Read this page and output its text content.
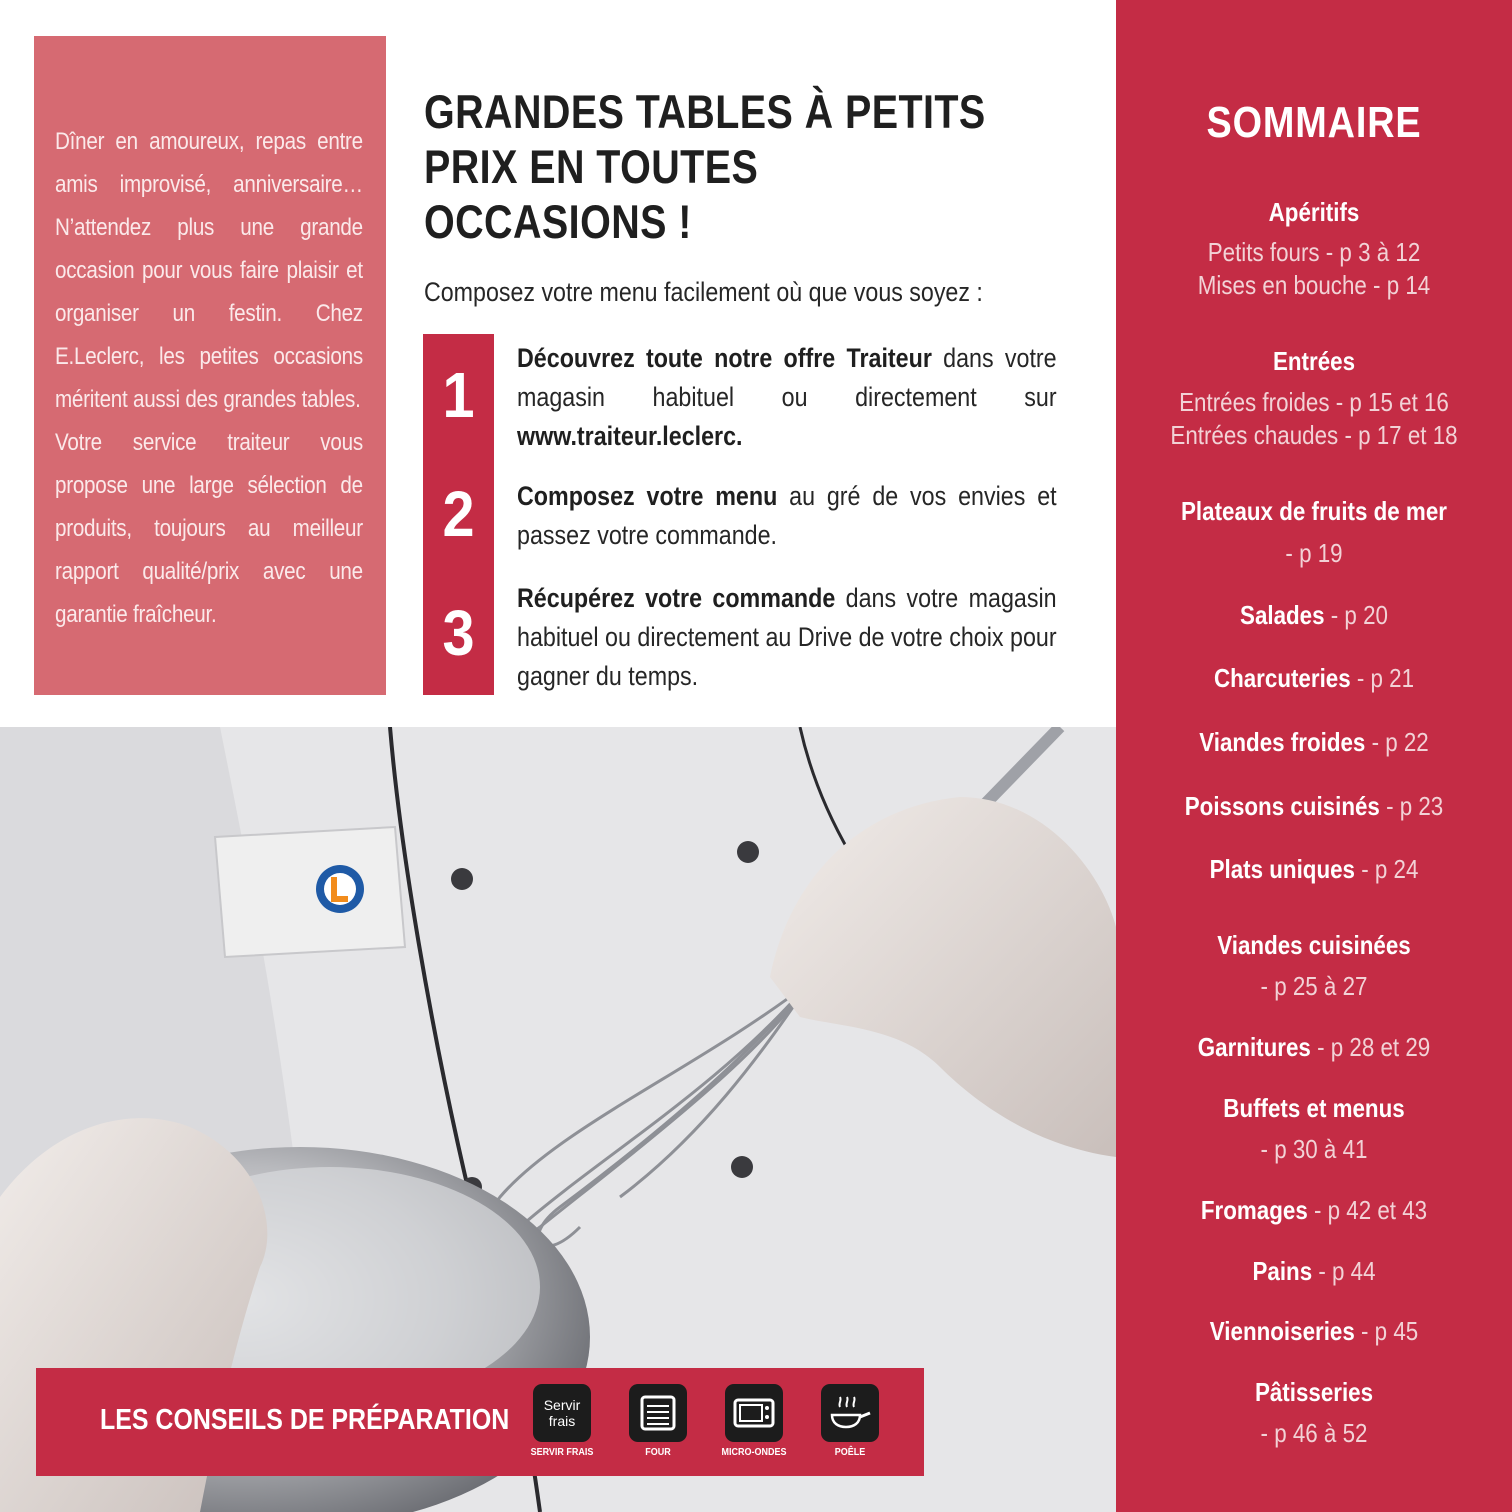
Dîner en amoureux, repas entre amis improvisé, anniversaire… N’attendez plus une grande occasion pour vous faire plaisir et organiser un festin. Chez E.Leclerc, les petites occasions méritent aussi des grandes tables.

Votre service traiteur vous propose une large sélection de produits, toujours au meilleur rapport qualité/prix avec une garantie fraîcheur.

GRANDES TABLES À PETITS
PRIX EN TOUTES OCCASIONS !

Composez votre menu facilement où que vous soyez :

1
2
3

Découvrez toute notre offre Traiteur dans votre magasin habituel ou directement sur www.traiteur.leclerc.

Composez votre menu au gré de vos envies et passez votre commande.

Récupérez votre commande dans votre magasin habituel ou directement au Drive de votre choix pour gagner du temps.

LES CONSEILS DE PRÉPARATION Servir frais
SERVIR FRAIS	FOUR	MICRO-ONDES	POÊLE
SOMMAIRE
Apéritifs
Petits fours - p 3 à 12
Mises en bouche - p 14
Entrées
Entrées froides - p 15 et 16
Entrées chaudes - p 17 et 18
Plateaux de fruits de mer
- p 19
Salades - p 20
Charcuteries - p 21
Viandes froides - p 22
Poissons cuisinés - p 23
Plats uniques - p 24
Viandes cuisinées
- p 25 à 27
Garnitures - p 28 et 29
Buffets et menus
- p 30 à 41
Fromages - p 42 et 43
Pains - p 44
Viennoiseries - p 45
Pâtisseries
- p 46 à 52
